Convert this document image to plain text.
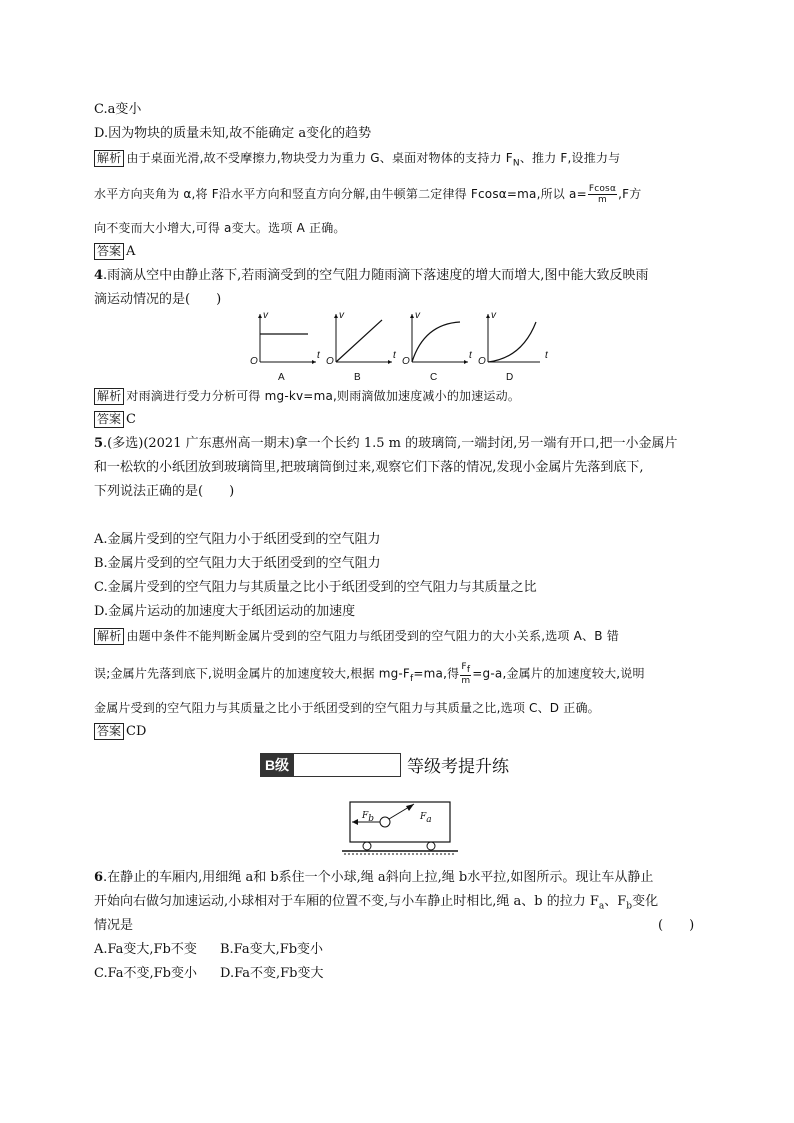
C.a变小
D.因为物块的质量未知,故不能确定 a变化的趋势
解析 由于桌面光滑,故不受摩擦力,物块受力为重力 G、桌面对物体的支持力 $F_N$、推力 F,设推力与
水平方向夹角为 α,将 F沿水平方向和竖直方向分解,由牛顿第二定律得 Fcosα=ma,所以 $a= \frac{Fcos\alpha}{m} ,F$方
向不变而大小增大,可得 a变大。选项 A 正确。
答案 A
4.雨滴从空中由静止落下,若雨滴受到的空气阻力随雨滴下落速度的增大而增大,图中能大致反映雨
滴运动情况的是(　　)
v
t
O
A
v
t
O
B
v
t
O
C
v
t
O
D
解析 对雨滴进行受力分析可得 mg-kv=ma,则雨滴做加速度减小的加速运动。
答案 C
5.(多选)(2021 广东惠州高一期末)拿一个长约 1.5 m 的玻璃筒,一端封闭,另一端有开口,把一小金属片
和一松软的小纸团放到玻璃筒里,把玻璃筒倒过来,观察它们下落的情况,发现小金属片先落到底下,
下列说法正确的是(　　)
A.金属片受到的空气阻力小于纸团受到的空气阻力
B.金属片受到的空气阻力大于纸团受到的空气阻力
C.金属片受到的空气阻力与其质量之比小于纸团受到的空气阻力与其质量之比
D.金属片运动的加速度大于纸团运动的加速度
解析 由题中条件不能判断金属片受到的空气阻力与纸团受到的空气阻力的大小关系,选项 A、B 错
误;金属片先落到底下,说明金属片的加速度较大,根据 $mg-F_f=ma$,得 $\frac{F_f}{m} =g-a$,金属片的加速度较大,说明
金属片受到的空气阻力与其质量之比小于纸团受到的空气阻力与其质量之比,选项 C、D 正确。
答案 CD
B级	等级考提升练
$F_b$	$F_a$
6.在静止的车厢内,用细绳 a和 b系住一个小球,绳 a斜向上拉,绳 b水平拉,如图所示。现让车从静止
开始向右做匀加速运动,小球相对于车厢的位置不变,与小车静止时相比,绳 a、b 的拉力 $F_a$、$F_b$变化
情况是	(　　)
A.Fa变大,Fb不变 B.Fa变大,Fb变小
C.Fa不变,Fb变小 D.Fa不变,Fb变大
